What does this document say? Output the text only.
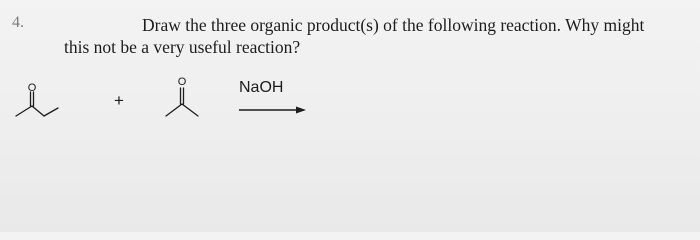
4.	Draw the three organic product(s) of the following reaction. Why might
this not be a very useful reaction?
O
+
O	NaOH
